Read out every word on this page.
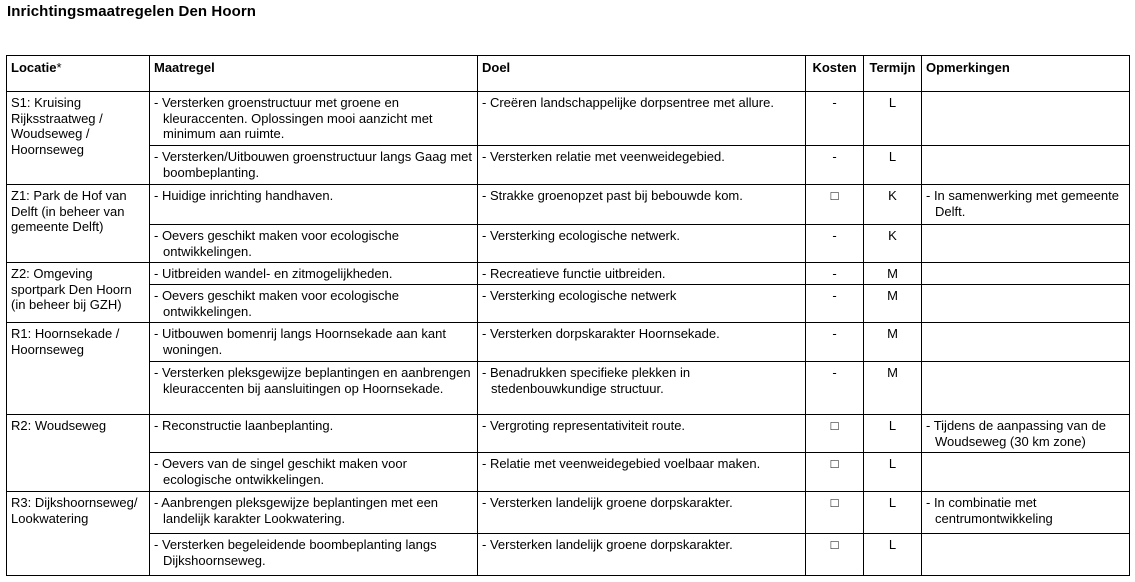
Inrichtingsmaatregelen Den Hoorn
Locatie*	Maatregel	Doel	Kosten	Termijn	Opmerkingen
S1: Kruising Rijksstraatweg / Woudseweg / Hoornseweg	- Versterken groenstructuur met groene en kleuraccenten. Oplossingen mooi aanzicht met minimum aan ruimte.	- Creëren landschappelijke dorpsentree met allure.	-	L	

	- Versterken/Uitbouwen groenstructuur langs Gaag met boombeplanting.	- Versterken relatie met veenweidegebied.	-	L	

Z1: Park de Hof van Delft (in beheer van gemeente Delft)	- Huidige inrichting handhaven.	- Strakke groenopzet past bij bebouwde kom.	□	K	- In samenwerking met gemeente Delft.

	- Oevers geschikt maken voor ecologische ontwikkelingen.	- Versterking ecologische netwerk.	-	K	

Z2: Omgeving sportpark Den Hoorn (in beheer bij GZH)	- Uitbreiden wandel- en zitmogelijkheden.	- Recreatieve functie uitbreiden.	-	M	

	- Oevers geschikt maken voor ecologische ontwikkelingen.	- Versterking ecologische netwerk	-	M	

R1: Hoornsekade / Hoornseweg	- Uitbouwen bomenrij langs Hoornsekade aan kant woningen.	- Versterken dorpskarakter Hoornsekade.	-	M	

	- Versterken pleksgewijze beplantingen en aanbrengen kleuraccenten bij aansluitingen op Hoornsekade.	- Benadrukken specifieke plekken in stedenbouwkundige structuur.	-	M	

R2: Woudseweg	- Reconstructie laanbeplanting.	- Vergroting representativiteit route.	□	L	- Tijdens de aanpassing van de Woudseweg (30 km zone)

	- Oevers van de singel geschikt maken voor ecologische ontwikkelingen.	- Relatie met veenweidegebied voelbaar maken.	□	L	

R3: Dijkshoornseweg/ Lookwatering	- Aanbrengen pleksgewijze beplantingen met een landelijk karakter Lookwatering.	- Versterken landelijk groene dorpskarakter.	□	L	- In combinatie met centrumontwikkeling

	- Versterken begeleidende boombeplanting langs Dijkshoornseweg.	- Versterken landelijk groene dorpskarakter.	□	L	
